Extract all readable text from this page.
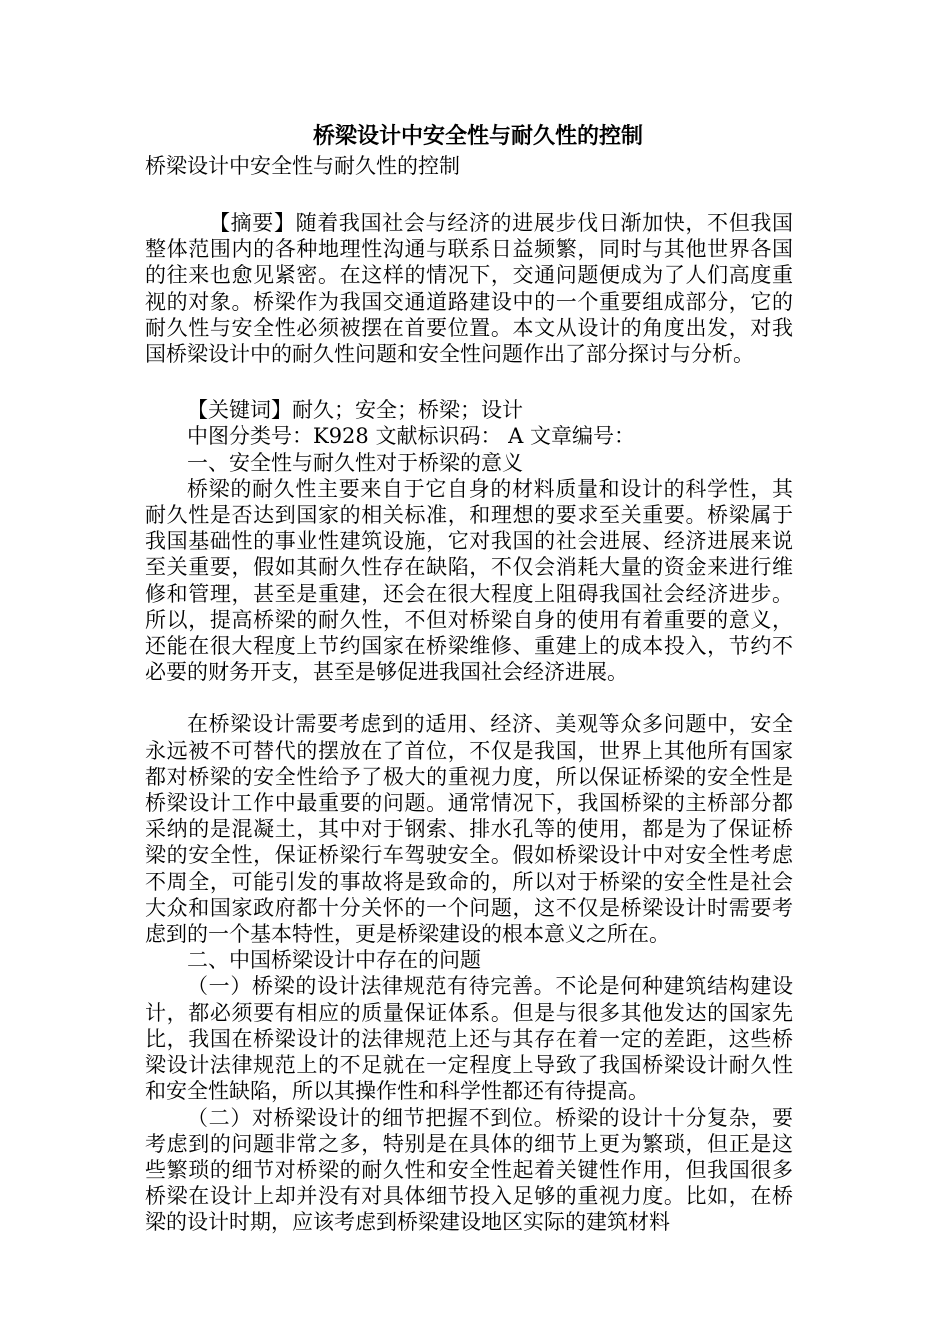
桥梁设计中安全性与耐久性的控制

桥梁设计中安全性与耐久性的控制

【摘要】随着我国社会与经济的进展步伐日渐加快，不但我国整体范围内的各种地理性沟通与联系日益频繁，同时与其他世界各国的往来也愈见紧密。在这样的情况下，交通问题便成为了人们高度重视的对象。桥梁作为我国交通道路建设中的一个重要组成部分，它的耐久性与安全性必须被摆在首要位置。本文从设计的角度出发，对我国桥梁设计中的耐久性问题和安全性问题作出了部分探讨与分析。

【关键词】耐久；安全；桥梁；设计

中图分类号：K928 文献标识码： A 文章编号：

一、安全性与耐久性对于桥梁的意义

桥梁的耐久性主要来自于它自身的材料质量和设计的科学性，其耐久性是否达到国家的相关标准，和理想的要求至关重要。桥梁属于我国基础性的事业性建筑设施，它对我国的社会进展、经济进展来说至关重要，假如其耐久性存在缺陷，不仅会消耗大量的资金来进行维修和管理，甚至是重建，还会在很大程度上阻碍我国社会经济进步。所以，提高桥梁的耐久性，不但对桥梁自身的使用有着重要的意义，还能在很大程度上节约国家在桥梁维修、重建上的成本投入，节约不必要的财务开支，甚至是够促进我国社会经济进展。

在桥梁设计需要考虑到的适用、经济、美观等众多问题中，安全永远被不可替代的摆放在了首位，不仅是我国，世界上其他所有国家都对桥梁的安全性给予了极大的重视力度，所以保证桥梁的安全性是桥梁设计工作中最重要的问题。通常情况下，我国桥梁的主桥部分都采纳的是混凝土，其中对于钢索、排水孔等的使用，都是为了保证桥梁的安全性，保证桥梁行车驾驶安全。假如桥梁设计中对安全性考虑不周全，可能引发的事故将是致命的，所以对于桥梁的安全性是社会大众和国家政府都十分关怀的一个问题，这不仅是桥梁设计时需要考虑到的一个基本特性，更是桥梁建设的根本意义之所在。

二、中国桥梁设计中存在的问题

（一）桥梁的设计法律规范有待完善。不论是何种建筑结构建设计，都必须要有相应的质量保证体系。但是与很多其他发达的国家先比，我国在桥梁设计的法律规范上还与其存在着一定的差距，这些桥梁设计法律规范上的不足就在一定程度上导致了我国桥梁设计耐久性和安全性缺陷，所以其操作性和科学性都还有待提高。

（二）对桥梁设计的细节把握不到位。桥梁的设计十分复杂，要考虑到的问题非常之多，特别是在具体的细节上更为繁琐，但正是这些繁琐的细节对桥梁的耐久性和安全性起着关键性作用，但我国很多桥梁在设计上却并没有对具体细节投入足够的重视力度。比如，在桥梁的设计时期，应该考虑到桥梁建设地区实际的建筑材料
